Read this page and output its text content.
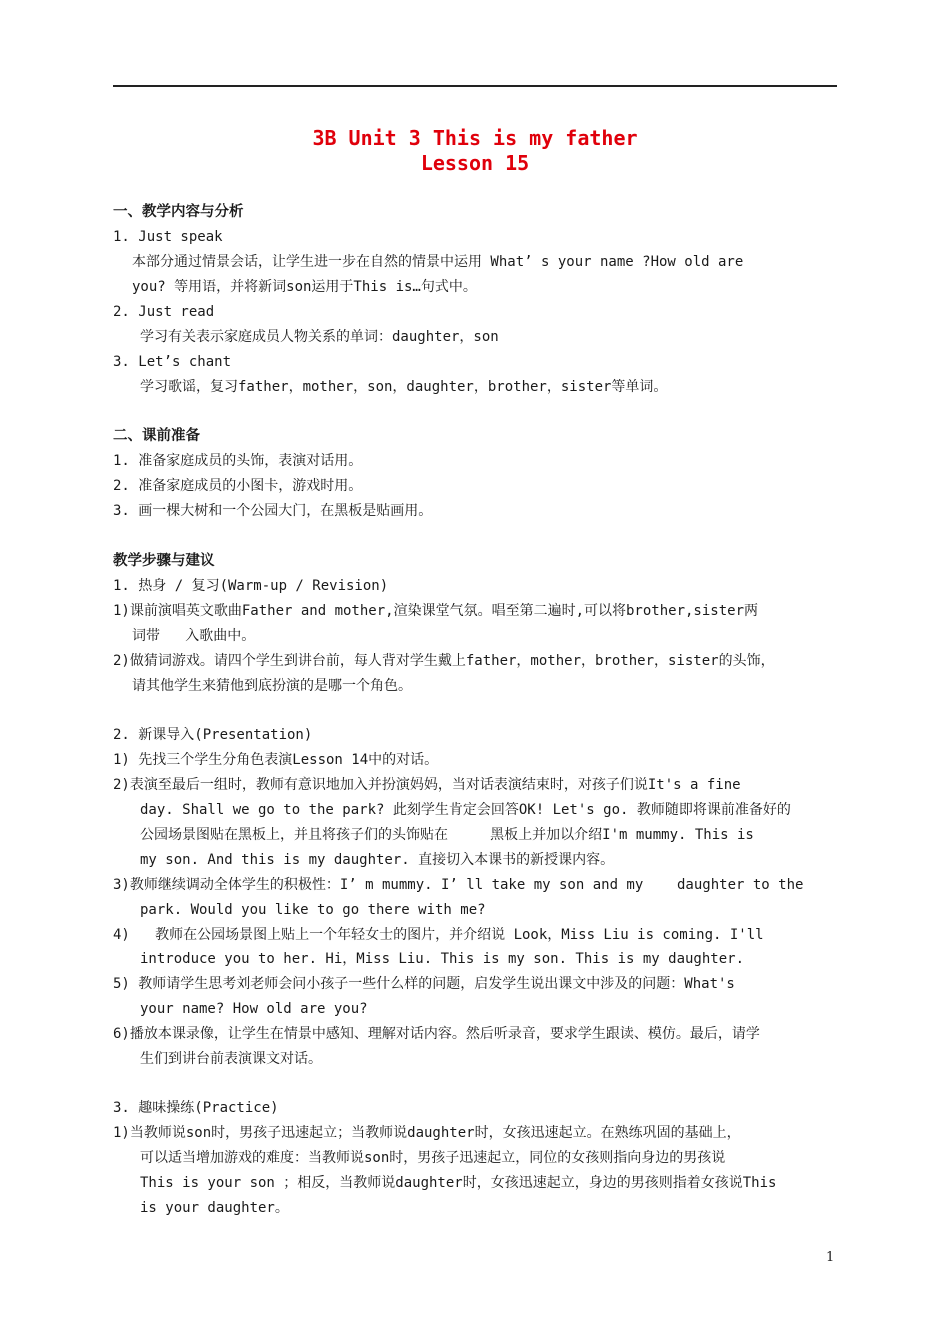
3B Unit 3 This is my father
Lesson 15
一、教学内容与分析
1. Just speak
本部分通过情景会话，让学生进一步在自然的情景中运用 What’ s your name ?How old are
you? 等用语，并将新词son运用于This is…句式中。
2. Just read
学习有关表示家庭成员人物关系的单词：daughter，son
3. Let’s chant
学习歌谣，复习father，mother，son，daughter，brother，sister等单词。
二、课前准备
1. 准备家庭成员的头饰，表演对话用。
2. 准备家庭成员的小图卡，游戏时用。
3. 画一棵大树和一个公园大门，在黑板是贴画用。
教学步骤与建议
1. 热身 / 复习(Warm-up / Revision)
1)课前演唱英文歌曲Father and mother,渲染课堂气氛。唱至第二遍时,可以将brother,sister两
词带   入歌曲中。
2)做猜词游戏。请四个学生到讲台前，每人背对学生戴上father，mother，brother，sister的头饰，
请其他学生来猜他到底扮演的是哪一个角色。
2. 新课导入(Presentation)
1) 先找三个学生分角色表演Lesson 14中的对话。
2)表演至最后一组时，教师有意识地加入并扮演妈妈，当对话表演结束时，对孩子们说It's a fine
day. Shall we go to the park? 此刻学生肯定会回答OK! Let's go. 教师随即将课前准备好的
公园场景图贴在黑板上，并且将孩子们的头饰贴在     黑板上并加以介绍I'm mummy. This is
my son. And this is my daughter. 直接切入本课书的新授课内容。
3)教师继续调动全体学生的积极性：I’ m mummy. I’ ll take my son and my    daughter to the
park. Would you like to go there with me?
4)   教师在公园场景图上贴上一个年轻女士的图片，并介绍说 Look，Miss Liu is coming. I'll
introduce you to her. Hi，Miss Liu. This is my son. This is my daughter.
5) 教师请学生思考刘老师会问小孩子一些什么样的问题，启发学生说出课文中涉及的问题：What's
your name? How old are you?
6)播放本课录像，让学生在情景中感知、理解对话内容。然后听录音，要求学生跟读、模仿。最后，请学
生们到讲台前表演课文对话。
3. 趣味操练(Practice)
1)当教师说son时，男孩子迅速起立；当教师说daughter时，女孩迅速起立。在熟练巩固的基础上，
可以适当增加游戏的难度：当教师说son时，男孩子迅速起立，同位的女孩则指向身边的男孩说
This is your son ；相反，当教师说daughter时，女孩迅速起立，身边的男孩则指着女孩说This
is your daughter。
1
